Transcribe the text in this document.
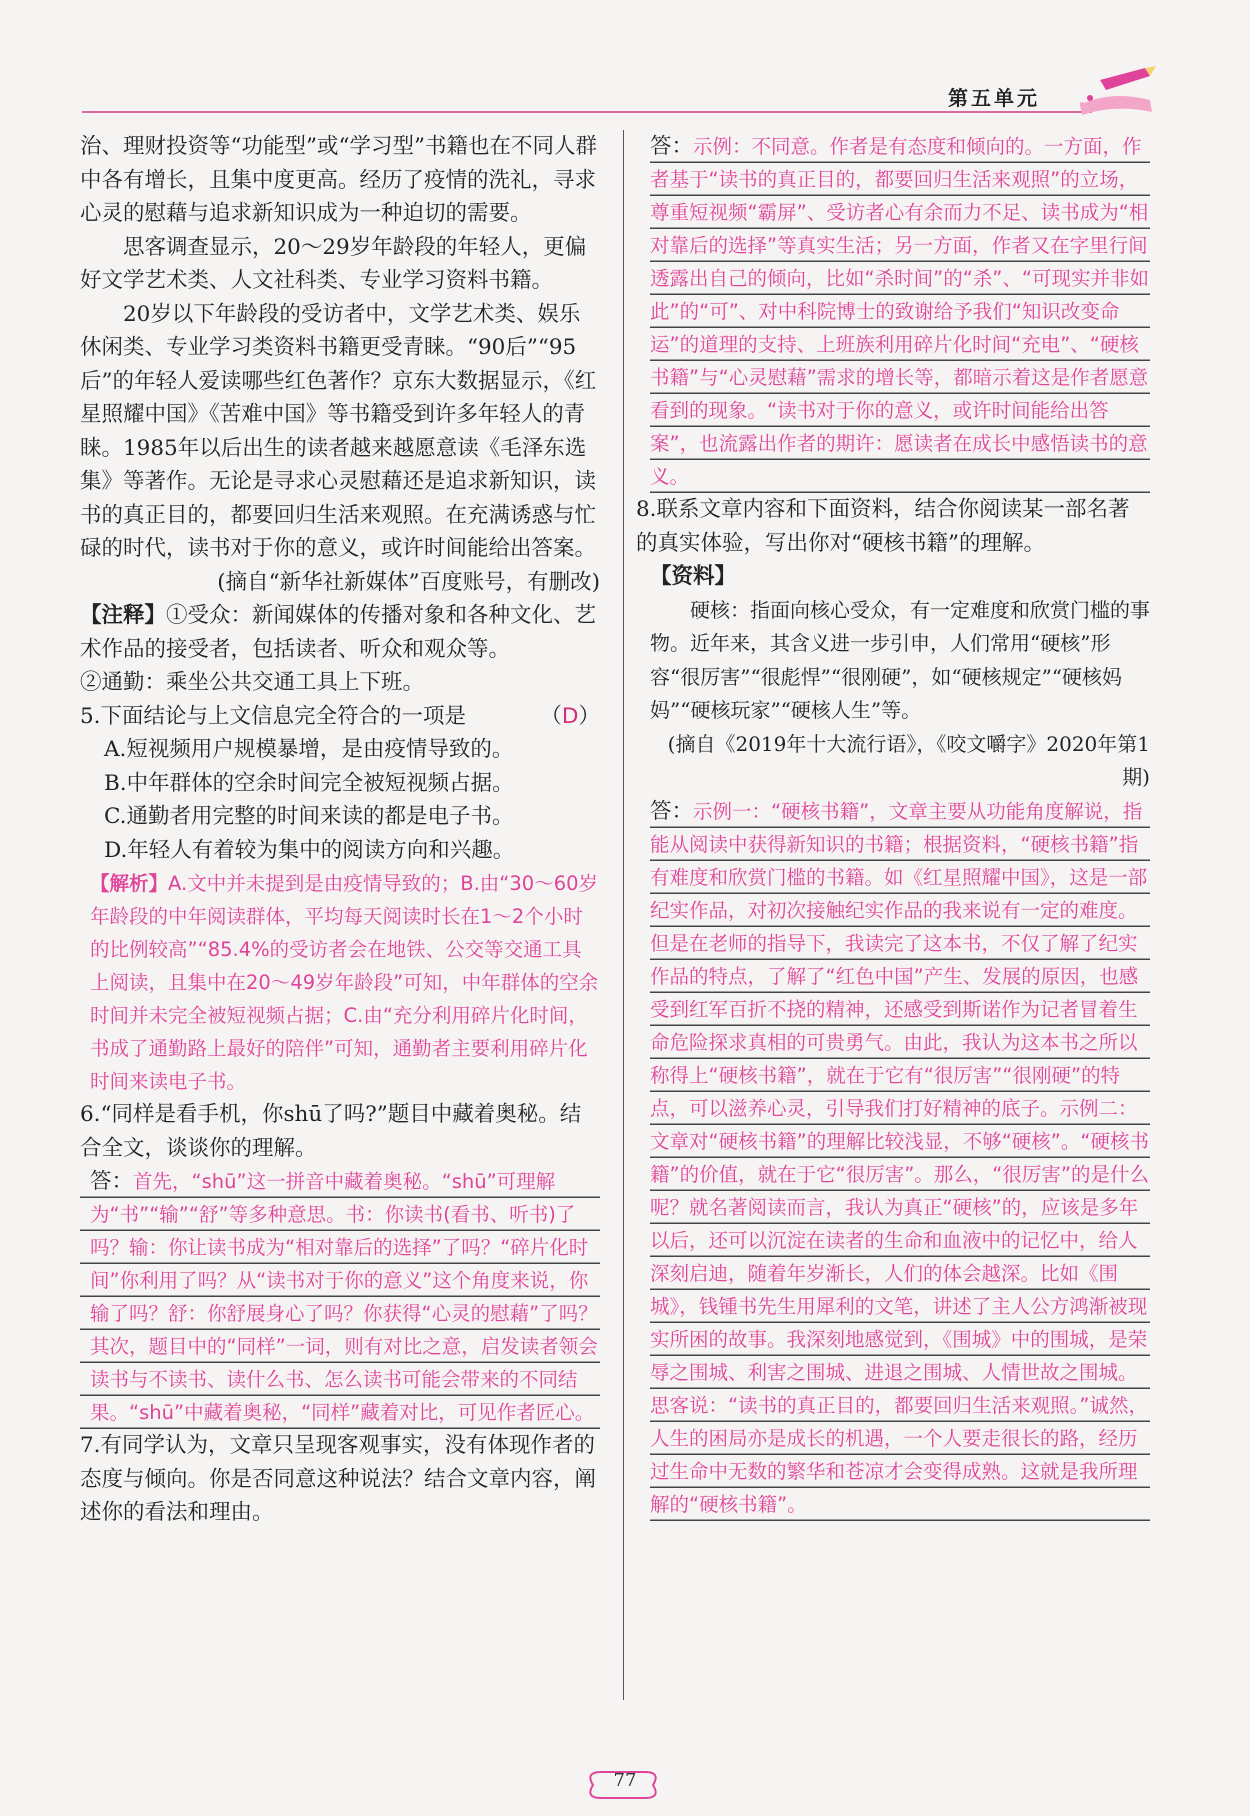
第五单元

治、理财投资等“功能型”或“学习型”书籍也在不同人群中各有增长，且集中度更高。经历了疫情的洗礼，寻求心灵的慰藉与追求新知识成为一种迫切的需要。

思客调查显示，20～29岁年龄段的年轻人，更偏好文学艺术类、人文社科类、专业学习资料书籍。

20岁以下年龄段的受访者中，文学艺术类、娱乐休闲类、专业学习类资料书籍更受青睐。“90后”“95后”的年轻人爱读哪些红色著作？京东大数据显示，《红星照耀中国》《苦难中国》等书籍受到许多年轻人的青睐。1985年以后出生的读者越来越愿意读《毛泽东选集》等著作。无论是寻求心灵慰藉还是追求新知识，读书的真正目的，都要回归生活来观照。在充满诱惑与忙碌的时代，读书对于你的意义，或许时间能给出答案。

(摘自“新华社新媒体”百度账号，有删改)

【注释】①受众：新闻媒体的传播对象和各种文化、艺术作品的接受者，包括读者、听众和观众等。

②通勤：乘坐公共交通工具上下班。

5.下面结论与上文信息完全符合的一项是	（D）

A.短视频用户规模暴增，是由疫情导致的。

B.中年群体的空余时间完全被短视频占据。

C.通勤者用完整的时间来读的都是电子书。

D.年轻人有着较为集中的阅读方向和兴趣。

【解析】A.文中并未提到是由疫情导致的；B.由“30～60岁年龄段的中年阅读群体，平均每天阅读时长在1～2个小时的比例较高”“85.4%的受访者会在地铁、公交等交通工具上阅读，且集中在20～49岁年龄段”可知，中年群体的空余时间并未完全被短视频占据；C.由“充分利用碎片化时间，书成了通勤路上最好的陪伴”可知，通勤者主要利用碎片化时间来读电子书。

6.“同样是看手机，你shū了吗?”题目中藏着奥秘。结合全文，谈谈你的理解。

答：首先，“shū”这一拼音中藏着奥秘。“shū”可理解为“书”“输”“舒”等多种意思。书：你读书(看书、听书)了吗？输：你让读书成为“相对靠后的选择”了吗？“碎片化时间”你利用了吗？从“读书对于你的意义”这个角度来说，你输了吗？舒：你舒展身心了吗？你获得“心灵的慰藉”了吗？其次，题目中的“同样”一词，则有对比之意，启发读者领会读书与不读书、读什么书、怎么读书可能会带来的不同结果。“shū”中藏着奥秘，“同样”藏着对比，可见作者匠心。

7.有同学认为，文章只呈现客观事实，没有体现作者的态度与倾向。你是否同意这种说法？结合文章内容，阐述你的看法和理由。

答：示例：不同意。作者是有态度和倾向的。一方面，作者基于“读书的真正目的，都要回归生活来观照”的立场，尊重短视频“霸屏”、受访者心有余而力不足、读书成为“相对靠后的选择”等真实生活；另一方面，作者又在字里行间透露出自己的倾向，比如“杀时间”的“杀”、“可现实并非如此”的“可”、对中科院博士的致谢给予我们“知识改变命运”的道理的支持、上班族利用碎片化时间“充电”、“硬核书籍”与“心灵慰藉”需求的增长等，都暗示着这是作者愿意看到的现象。“读书对于你的意义，或许时间能给出答案”，也流露出作者的期许：愿读者在成长中感悟读书的意义。

8.联系文章内容和下面资料，结合你阅读某一部名著的真实体验，写出你对“硬核书籍”的理解。

【资料】

硬核：指面向核心受众，有一定难度和欣赏门槛的事物。近年来，其含义进一步引申，人们常用“硬核”形容“很厉害”“很彪悍”“很刚硬”，如“硬核规定”“硬核妈妈”“硬核玩家”“硬核人生”等。

(摘自《2019年十大流行语》，《咬文嚼字》2020年第1期)

答：示例一：“硬核书籍”，文章主要从功能角度解说，指能从阅读中获得新知识的书籍；根据资料，“硬核书籍”指有难度和欣赏门槛的书籍。如《红星照耀中国》，这是一部纪实作品，对初次接触纪实作品的我来说有一定的难度。但是在老师的指导下，我读完了这本书，不仅了解了纪实作品的特点，了解了“红色中国”产生、发展的原因，也感受到红军百折不挠的精神，还感受到斯诺作为记者冒着生命危险探求真相的可贵勇气。由此，我认为这本书之所以称得上“硬核书籍”，就在于它有“很厉害”“很刚硬”的特点，可以滋养心灵，引导我们打好精神的底子。示例二：文章对“硬核书籍”的理解比较浅显，不够“硬核”。“硬核书籍”的价值，就在于它“很厉害”。那么，“很厉害”的是什么呢？就名著阅读而言，我认为真正“硬核”的，应该是多年以后，还可以沉淀在读者的生命和血液中的记忆中，给人深刻启迪，随着年岁渐长，人们的体会越深。比如《围城》，钱锺书先生用犀利的文笔，讲述了主人公方鸿渐被现实所困的故事。我深刻地感觉到，《围城》中的围城，是荣辱之围城、利害之围城、进退之围城、人情世故之围城。思客说：“读书的真正目的，都要回归生活来观照。”诚然，人生的困局亦是成长的机遇，一个人要走很长的路，经历过生命中无数的繁华和苍凉才会变得成熟。这就是我所理解的“硬核书籍”。

77
